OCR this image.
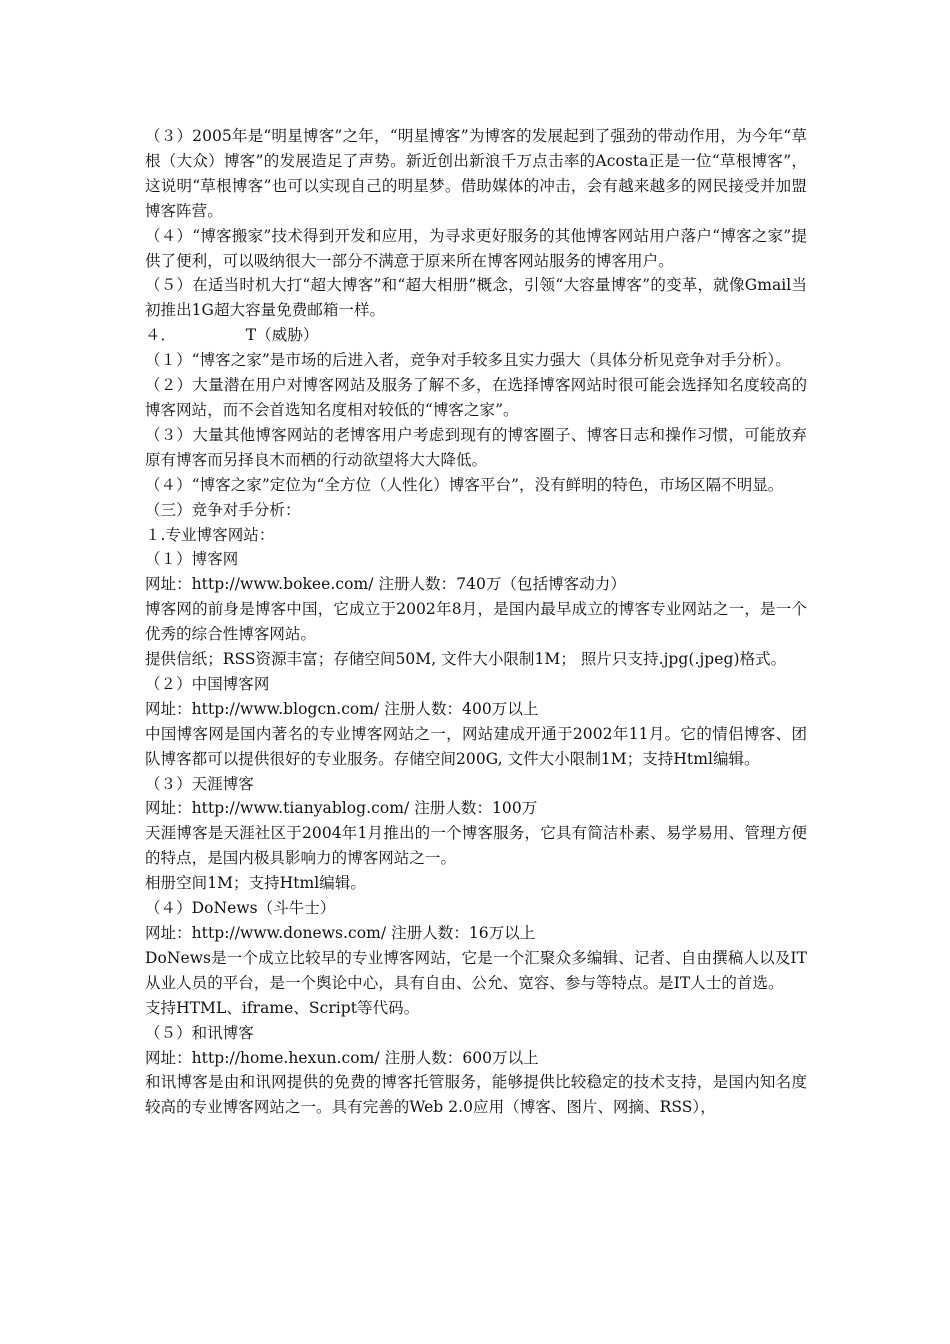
（３）2005年是“明星博客”之年，“明星博客”为博客的发展起到了强劲的带动作用，为今年“草根（大众）博客”的发展造足了声势。新近创出新浪千万点击率的Acosta正是一位“草根博客”，这说明“草根博客”也可以实现自己的明星梦。借助媒体的冲击，会有越来越多的网民接受并加盟博客阵营。

（４）“博客搬家”技术得到开发和应用，为寻求更好服务的其他博客网站用户落户“博客之家”提供了便利，可以吸纳很大一部分不满意于原来所在博客网站服务的博客用户。

（５）在适当时机大打“超大博客”和“超大相册”概念，引领“大容量博客”的变革，就像Gmail当初推出1G超大容量免费邮箱一样。

４．              T（威胁）

（１）“博客之家”是市场的后进入者，竞争对手较多且实力强大（具体分析见竞争对手分析）。

（２）大量潜在用户对博客网站及服务了解不多，在选择博客网站时很可能会选择知名度较高的博客网站，而不会首选知名度相对较低的“博客之家”。

（３）大量其他博客网站的老博客用户考虑到现有的博客圈子、博客日志和操作习惯，可能放弃原有博客而另择良木而栖的行动欲望将大大降低。

（４）“博客之家”定位为“全方位（人性化）博客平台”，没有鲜明的特色，市场区隔不明显。

（三）竞争对手分析：

１.专业博客网站：

（１）博客网

网址：http://www.bokee.com/ 注册人数：740万（包括博客动力）

博客网的前身是博客中国，它成立于2002年8月，是国内最早成立的博客专业网站之一，是一个优秀的综合性博客网站。

提供信纸；RSS资源丰富；存储空间50M, 文件大小限制1M； 照片只支持.jpg(.jpeg)格式。

（２）中国博客网

网址：http://www.blogcn.com/ 注册人数：400万以上

中国博客网是国内著名的专业博客网站之一，网站建成开通于2002年11月。它的情侣博客、团队博客都可以提供很好的专业服务。存储空间200G, 文件大小限制1M；支持Html编辑。

（３）天涯博客

网址：http://www.tianyablog.com/ 注册人数：100万

天涯博客是天涯社区于2004年1月推出的一个博客服务，它具有简洁朴素、易学易用、管理方便的特点，是国内极具影响力的博客网站之一。

相册空间1M；支持Html编辑。

（４）DoNews（斗牛士）

网址：http://www.donews.com/ 注册人数：16万以上

DoNews是一个成立比较早的专业博客网站，它是一个汇聚众多编辑、记者、自由撰稿人以及IT从业人员的平台，是一个舆论中心，具有自由、公允、宽容、参与等特点。是IT人士的首选。

支持HTML、iframe、Script等代码。

（５）和讯博客

网址：http://home.hexun.com/ 注册人数：600万以上

和讯博客是由和讯网提供的免费的博客托管服务，能够提供比较稳定的技术支持，是国内知名度较高的专业博客网站之一。具有完善的Web 2.0应用（博客、图片、网摘、RSS），
